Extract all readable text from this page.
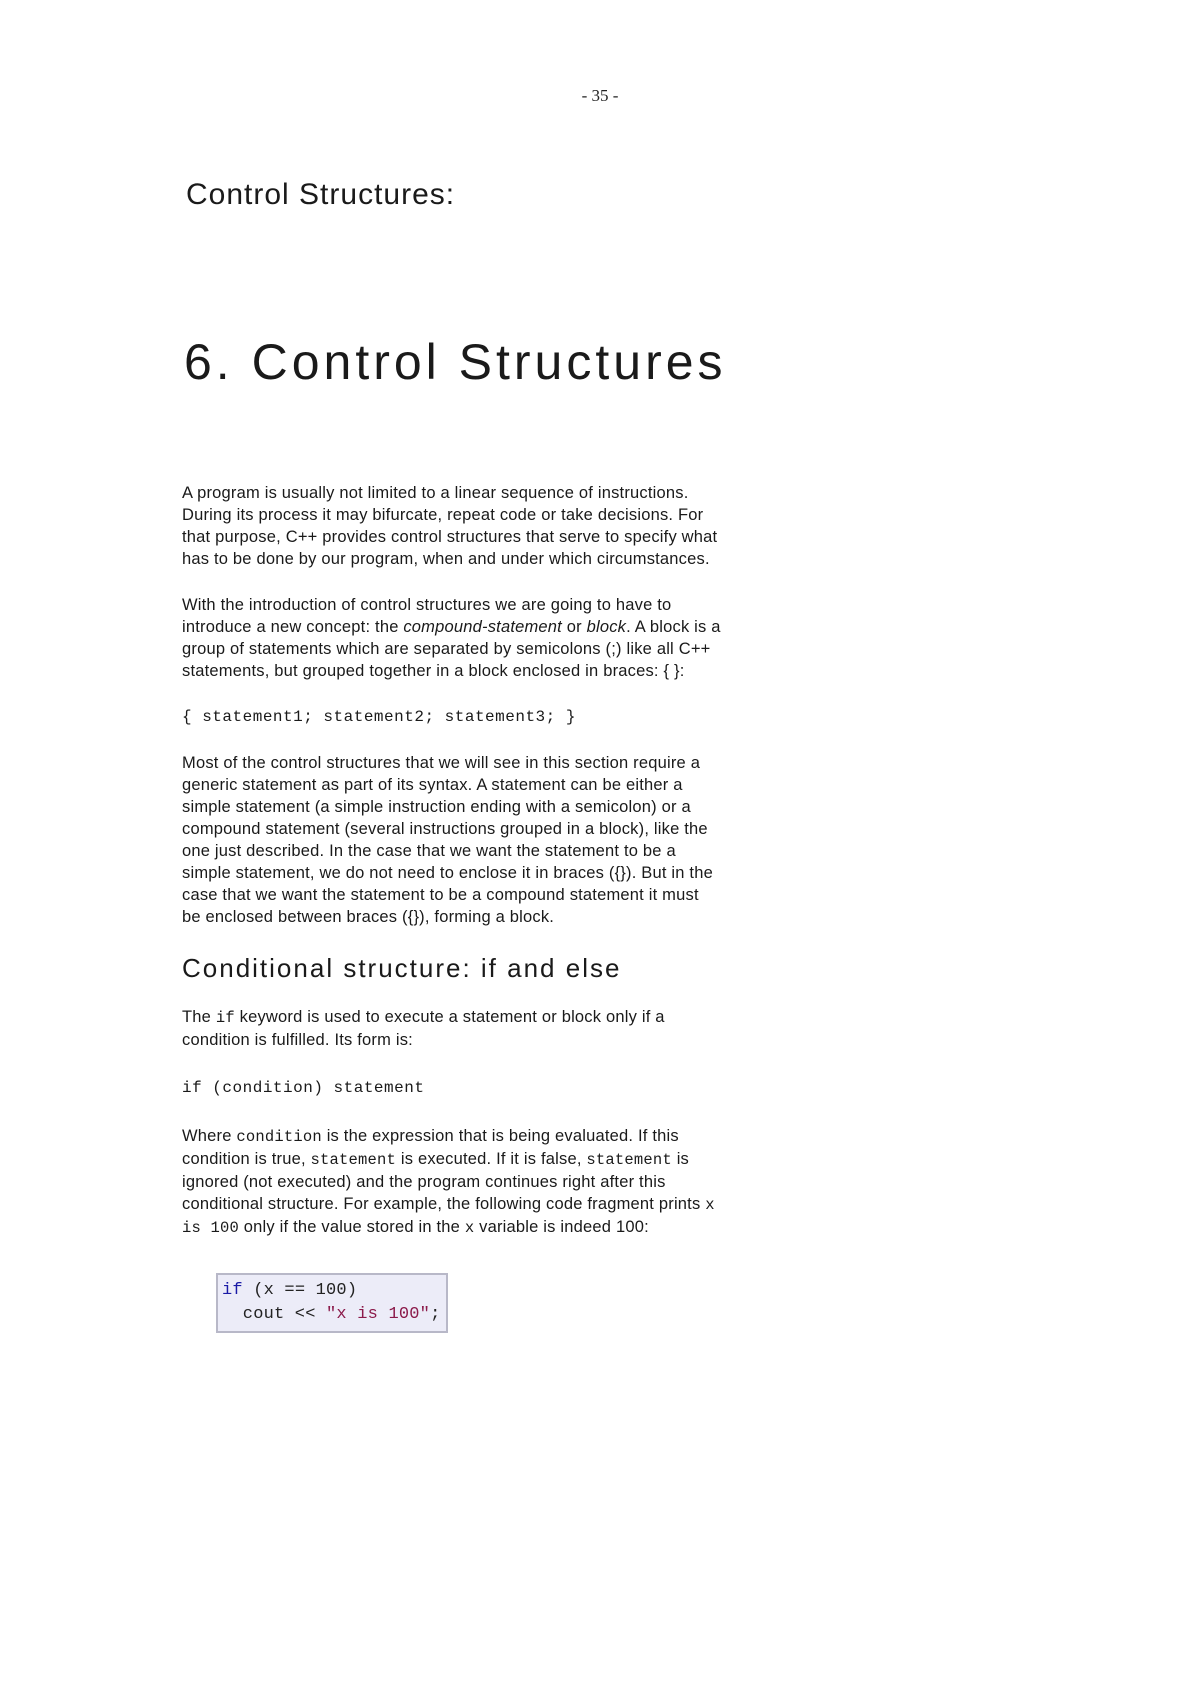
- 35 -
Control Structures:
6. Control Structures

A program is usually not limited to a linear sequence of instructions. During its process it may bifurcate, repeat code or take decisions. For that purpose, C++ provides control structures that serve to specify what has to be done by our program, when and under which circumstances.

With the introduction of control structures we are going to have to introduce a new concept: the compound-statement or block. A block is a group of statements which are separated by semicolons (;) like all C++ statements, but grouped together in a block enclosed in braces: { }:

{ statement1; statement2; statement3; }

Most of the control structures that we will see in this section require a generic statement as part of its syntax. A statement can be either a simple statement (a simple instruction ending with a semicolon) or a compound statement (several instructions grouped in a block), like the one just described. In the case that we want the statement to be a simple statement, we do not need to enclose it in braces ({}). But in the case that we want the statement to be a compound statement it must be enclosed between braces ({}), forming a block.

Conditional structure: if and else

The if keyword is used to execute a statement or block only if a condition is fulfilled. Its form is:

if (condition) statement

Where condition is the expression that is being evaluated. If this condition is true, statement is executed. If it is false, statement is ignored (not executed) and the program continues right after this conditional structure. For example, the following code fragment prints x is 100 only if the value stored in the x variable is indeed 100:

if (x == 100)
cout << "x is 100";
